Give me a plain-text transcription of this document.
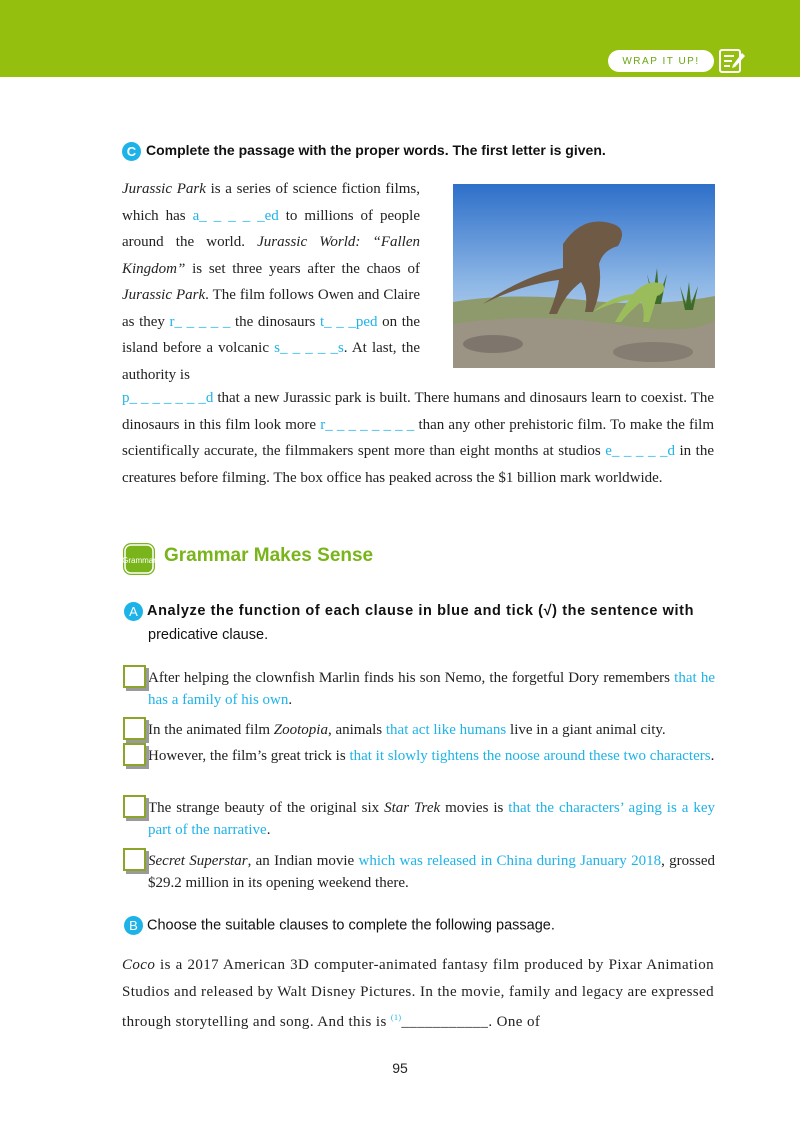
WRAP IT UP!
C Complete the passage with the proper words. The first letter is given.
Jurassic Park is a series of science fiction films, which has a_ _ _ _ _ed to millions of people around the world. Jurassic World: “Fallen Kingdom” is set three years after the chaos of Jurassic Park. The film follows Owen and Claire as they r_ _ _ _ _ the dinosaurs t_ _ _ped on the island before a volcanic s_ _ _ _ _s. At last, the authority is
p_ _ _ _ _ _ _d that a new Jurassic park is built. There humans and dinosaurs learn to coexist. The dinosaurs in this film look more r_ _ _ _ _ _ _ _ than any other prehistoric film. To make the film scientifically accurate, the filmmakers spent more than eight months at studios e_ _ _ _ _d in the creatures before filming. The box office has peaked across the $1 billion mark worldwide.
Grammar Grammar Makes Sense
A Analyze the function of each clause in blue and tick (√) the sentence with
predicative clause.
After helping the clownfish Marlin finds his son Nemo, the forgetful Dory remembers that he has a family of his own.
In the animated film Zootopia, animals that act like humans live in a giant animal city.
However, the film’s great trick is that it slowly tightens the noose around these two characters.
The strange beauty of the original six Star Trek movies is that the characters’ aging is a key part of the narrative.
Secret Superstar, an Indian movie which was released in China during January 2018, grossed $29.2 million in its opening weekend there.
B Choose the suitable clauses to complete the following passage.
Coco is a 2017 American 3D computer-animated fantasy film produced by Pixar Animation Studios and released by Walt Disney Pictures. In the movie, family and legacy are expressed through storytelling and song. And this is $^{(1)}$___________. One of
95
